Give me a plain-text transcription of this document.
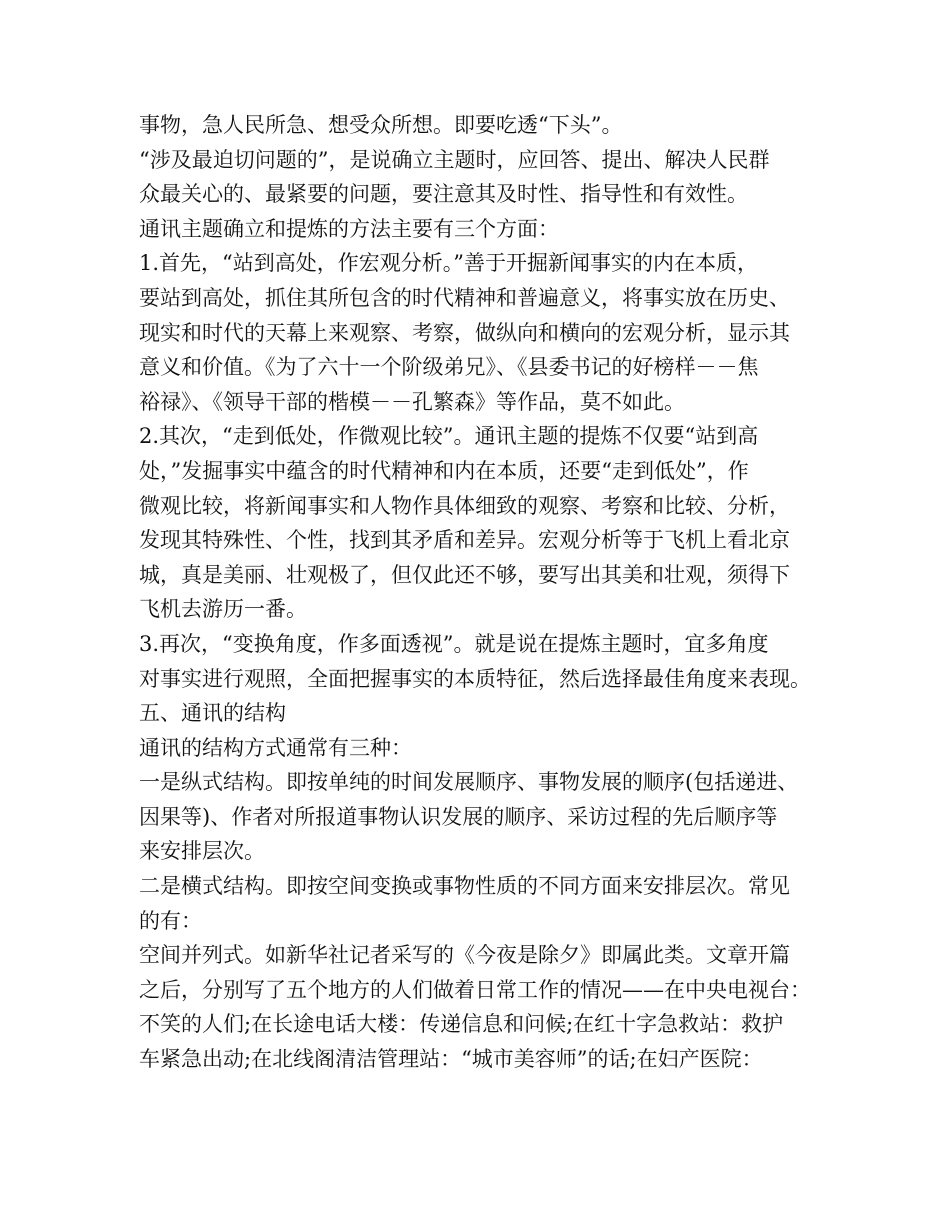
事物，急人民所急、想受众所想。即要吃透“下头”。
“涉及最迫切问题的”，是说确立主题时，应回答、提出、解决人民群
众最关心的、最紧要的问题，要注意其及时性、指导性和有效性。
通讯主题确立和提炼的方法主要有三个方面：
1.首先，“站到高处，作宏观分析。”善于开掘新闻事实的内在本质，
要站到高处，抓住其所包含的时代精神和普遍意义，将事实放在历史、
现实和时代的天幕上来观察、考察，做纵向和横向的宏观分析，显示其
意义和价值。《为了六十一个阶级弟兄》、《县委书记的好榜样－－焦
裕禄》、《领导干部的楷模－－孔繁森》等作品，莫不如此。
2.其次，“走到低处，作微观比较”。通讯主题的提炼不仅要“站到高
处，”发掘事实中蕴含的时代精神和内在本质，还要“走到低处”，作
微观比较，将新闻事实和人物作具体细致的观察、考察和比较、分析，
发现其特殊性、个性，找到其矛盾和差异。宏观分析等于飞机上看北京
城，真是美丽、壮观极了，但仅此还不够，要写出其美和壮观，须得下
飞机去游历一番。
3.再次，“变换角度，作多面透视”。就是说在提炼主题时，宜多角度
对事实进行观照，全面把握事实的本质特征，然后选择最佳角度来表现。
五、通讯的结构
通讯的结构方式通常有三种：
一是纵式结构。即按单纯的时间发展顺序、事物发展的顺序(包括递进、
因果等)、作者对所报道事物认识发展的顺序、采访过程的先后顺序等
来安排层次。
二是横式结构。即按空间变换或事物性质的不同方面来安排层次。常见
的有：
空间并列式。如新华社记者采写的《今夜是除夕》即属此类。文章开篇
之后，分别写了五个地方的人们做着日常工作的情况——在中央电视台：
不笑的人们;在长途电话大楼：传递信息和问候;在红十字急救站：救护
车紧急出动;在北线阁清洁管理站：“城市美容师”的话;在妇产医院：
